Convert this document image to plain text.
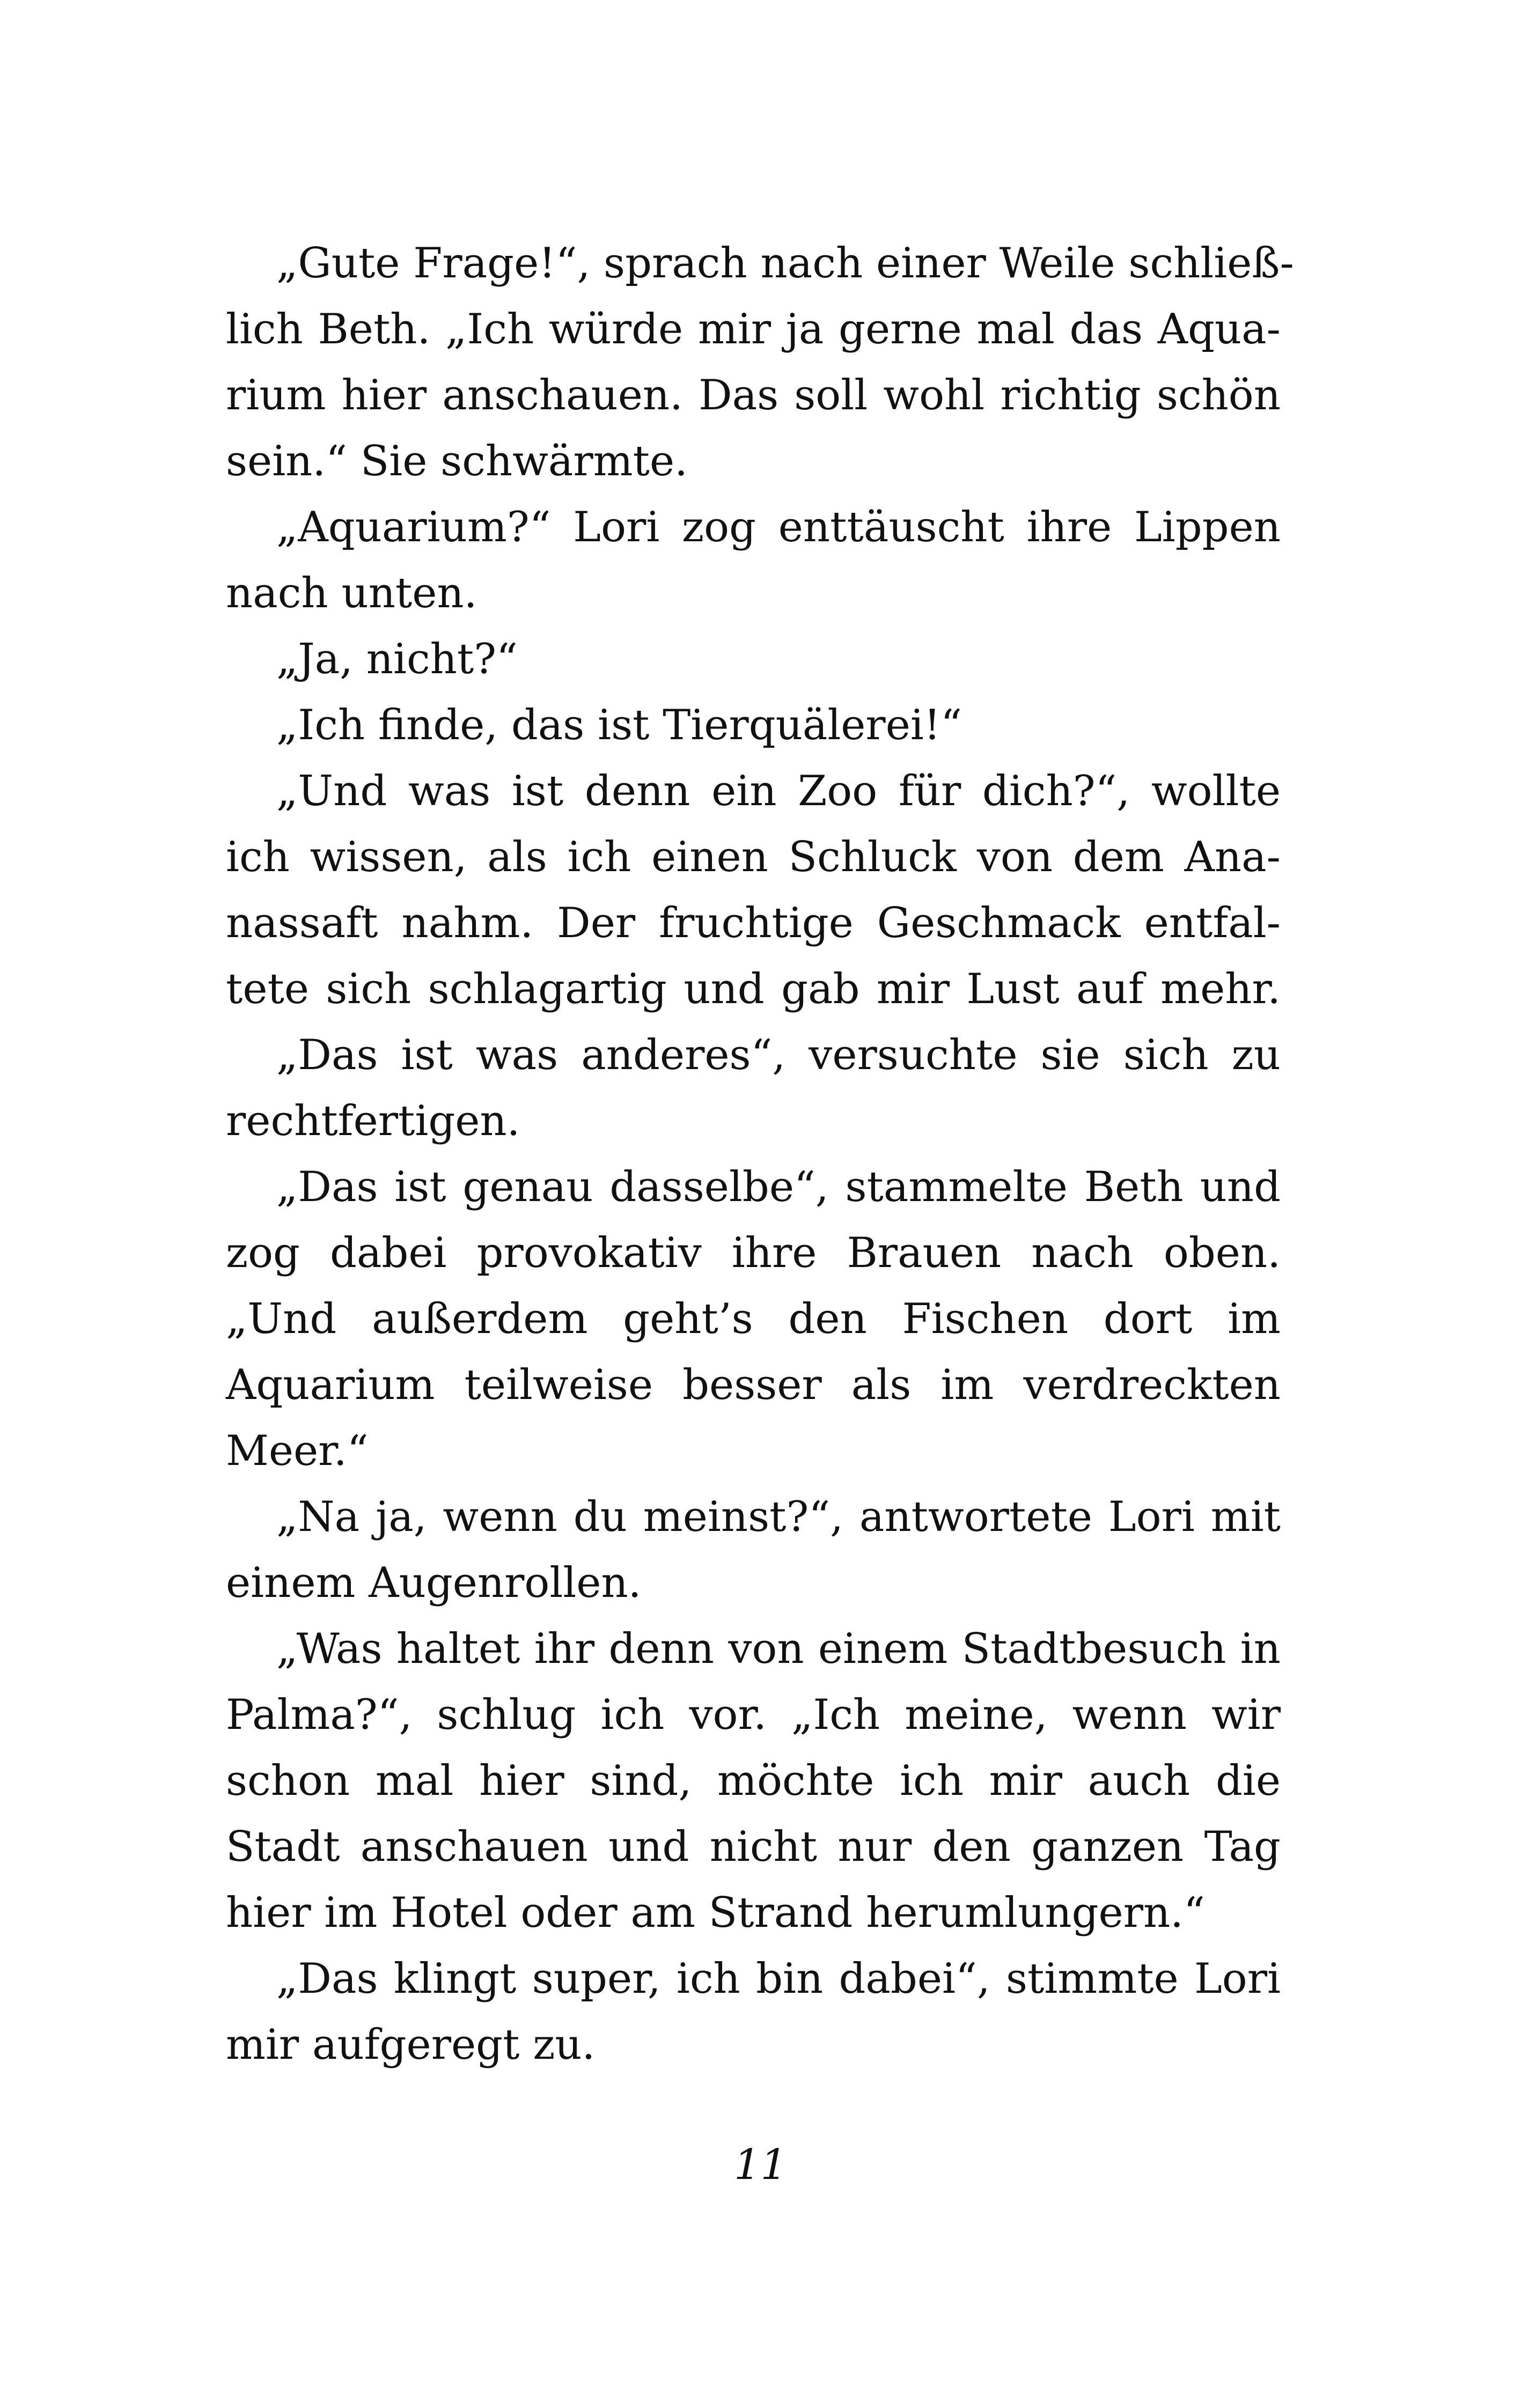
„Gute Frage!“, sprach nach einer Weile schließ-
lich Beth. „Ich würde mir ja gerne mal das Aqua-
rium hier anschauen. Das soll wohl richtig schön
sein.“ Sie schwärmte.
„Aquarium?“ Lori zog enttäuscht ihre Lippen
nach unten.
„Ja, nicht?“
„Ich finde, das ist Tierquälerei!“
„Und was ist denn ein Zoo für dich?“, wollte
ich wissen, als ich einen Schluck von dem Ana-
nassaft nahm. Der fruchtige Geschmack entfal-
tete sich schlagartig und gab mir Lust auf mehr.
„Das ist was anderes“, versuchte sie sich zu
rechtfertigen.
„Das ist genau dasselbe“, stammelte Beth und
zog dabei provokativ ihre Brauen nach oben.
„Und außerdem geht’s den Fischen dort im
Aquarium teilweise besser als im verdreckten
Meer.“
„Na ja, wenn du meinst?“, antwortete Lori mit
einem Augenrollen.
„Was haltet ihr denn von einem Stadtbesuch in
Palma?“, schlug ich vor. „Ich meine, wenn wir
schon mal hier sind, möchte ich mir auch die
Stadt anschauen und nicht nur den ganzen Tag
hier im Hotel oder am Strand herumlungern.“
„Das klingt super, ich bin dabei“, stimmte Lori
mir aufgeregt zu.
11
